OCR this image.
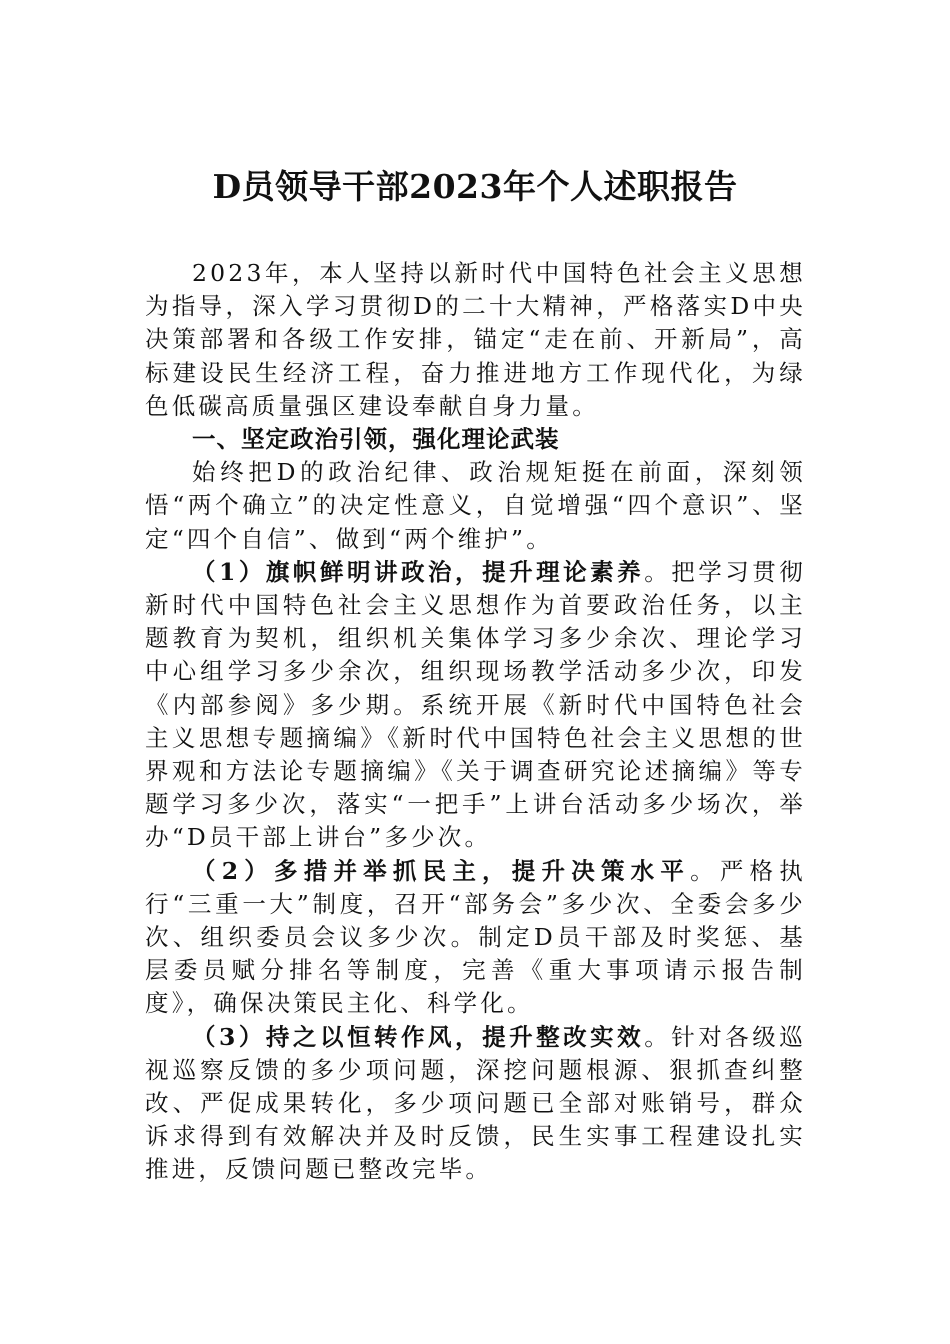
D员领导干部2023年个人述职报告

2023年，本人坚持以新时代中国特色社会主义思想为指导，深入学习贯彻D的二十大精神，严格落实D中央决策部署和各级工作安排，锚定“走在前、开新局”，高标建设民生经济工程，奋力推进地方工作现代化，为绿色低碳高质量强区建设奉献自身力量。

一、坚定政治引领，强化理论武装

始终把D的政治纪律、政治规矩挺在前面，深刻领悟“两个确立”的决定性意义，自觉增强“四个意识”、坚定“四个自信”、做到“两个维护”。

（1）旗帜鲜明讲政治，提升理论素养。把学习贯彻新时代中国特色社会主义思想作为首要政治任务，以主题教育为契机，组织机关集体学习多少余次、理论学习中心组学习多少余次，组织现场教学活动多少次，印发《内部参阅》多少期。系统开展《新时代中国特色社会主义思想专题摘编》《新时代中国特色社会主义思想的世界观和方法论专题摘编》《关于调查研究论述摘编》等专题学习多少次，落实“一把手”上讲台活动多少场次，举办“D员干部上讲台”多少次。

（2）多措并举抓民主，提升决策水平。严格执行“三重一大”制度，召开“部务会”多少次、全委会多少次、组织委员会议多少次。制定D员干部及时奖惩、基层委员赋分排名等制度，完善《重大事项请示报告制度》，确保决策民主化、科学化。

（3）持之以恒转作风，提升整改实效。针对各级巡视巡察反馈的多少项问题，深挖问题根源、狠抓查纠整改、严促成果转化，多少项问题已全部对账销号，群众诉求得到有效解决并及时反馈，民生实事工程建设扎实推进，反馈问题已整改完毕。
